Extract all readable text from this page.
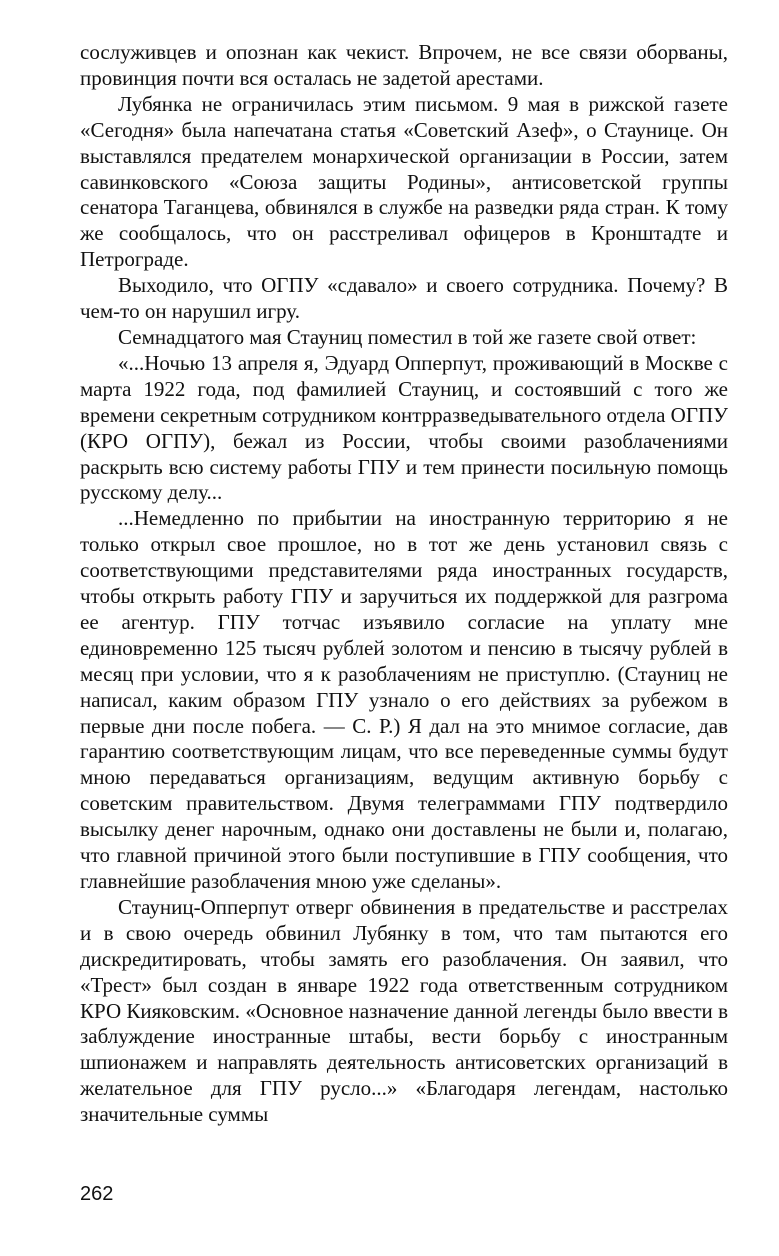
сослуживцев и опознан как чекист. Впрочем, не все связи оборваны, провинция почти вся осталась не задетой арестами.

Лубянка не ограничилась этим письмом. 9 мая в рижской газете «Сегодня» была напечатана статья «Советский Азеф», о Стаунице. Он выставлялся предателем монархической организации в России, затем савинковского «Союза защиты Родины», антисоветской группы сенатора Таганцева, обвинялся в службе на разведки ряда стран. К тому же сообщалось, что он расстреливал офицеров в Кронштадте и Петрограде.

Выходило, что ОГПУ «сдавало» и своего сотрудника. Почему? В чем-то он нарушил игру.

Семнадцатого мая Стауниц поместил в той же газете свой ответ:

«...Ночью 13 апреля я, Эдуард Опперпут, проживающий в Москве с марта 1922 года, под фамилией Стауниц, и состоявший с того же времени секретным сотрудником контрразведывательного отдела ОГПУ (КРО ОГПУ), бежал из России, чтобы своими разоблачениями раскрыть всю систему работы ГПУ и тем принести посильную помощь русскому делу...

...Немедленно по прибытии на иностранную территорию я не только открыл свое прошлое, но в тот же день установил связь с соответствующими представителями ряда иностранных государств, чтобы открыть работу ГПУ и заручиться их поддержкой для разгрома ее агентур. ГПУ тотчас изъявило согласие на уплату мне единовременно 125 тысяч рублей золотом и пенсию в тысячу рублей в месяц при условии, что я к разоблачениям не приступлю. (Стауниц не написал, каким образом ГПУ узнало о его действиях за рубежом в первые дни после побега. — С. Р.) Я дал на это мнимое согласие, дав гарантию соответствующим лицам, что все переведенные суммы будут мною передаваться организациям, ведущим активную борьбу с советским правительством. Двумя телеграммами ГПУ подтвердило высылку денег нарочным, однако они доставлены не были и, полагаю, что главной причиной этого были поступившие в ГПУ сообщения, что главнейшие разоблачения мною уже сделаны».

Стауниц-Опперпут отверг обвинения в предательстве и расстрелах и в свою очередь обвинил Лубянку в том, что там пытаются его дискредитировать, чтобы замять его разоблачения. Он заявил, что «Трест» был создан в январе 1922 года ответственным сотрудником КРО Кияковским. «Основное назначение данной легенды было ввести в заблуждение иностранные штабы, вести борьбу с иностранным шпионажем и направлять деятельность антисоветских организаций в желательное для ГПУ русло...» «Благодаря легендам, настолько значительные суммы

262
